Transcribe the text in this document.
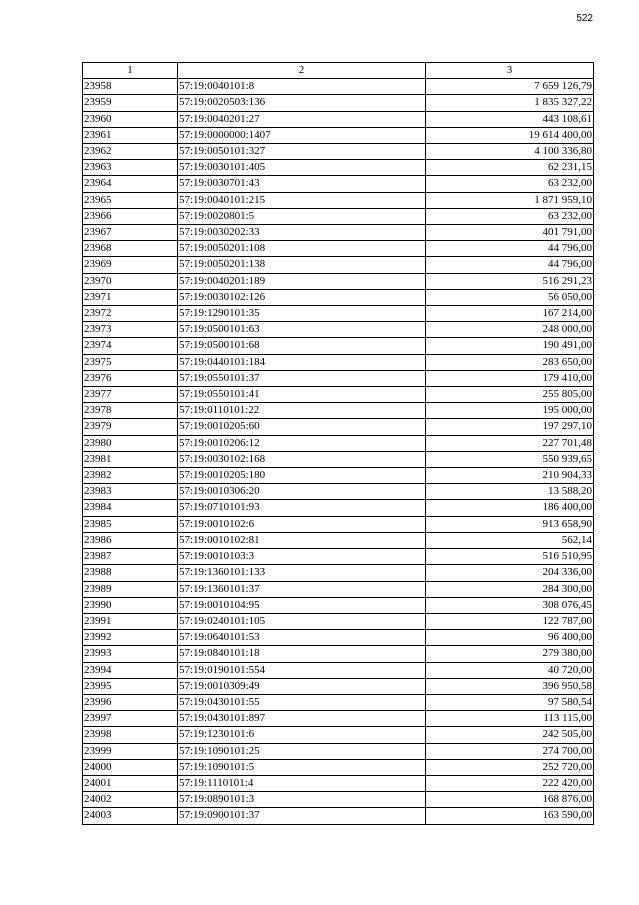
522
1	2	3
23958	57:19:0040101:8	7 659 126,79
23959	57:19:0020503:136	1 835 327,22
23960	57:19:0040201:27	443 108,61
23961	57:19:0000000:1407	19 614 400,00
23962	57:19:0050101:327	4 100 336,80
23963	57:19:0030101:405	62 231,15
23964	57:19:0030701:43	63 232,00
23965	57:19:0040101:215	1 871 959,10
23966	57:19:0020801:5	63 232,00
23967	57:19:0030202:33	401 791,00
23968	57:19:0050201:108	44 796,00
23969	57:19:0050201:138	44 796,00
23970	57:19:0040201:189	516 291,23
23971	57:19:0030102:126	56 050,00
23972	57:19:1290101:35	167 214,00
23973	57:19:0500101:63	248 000,00
23974	57:19:0500101:68	190 491,00
23975	57:19:0440101:184	283 650,00
23976	57:19:0550101:37	179 410,00
23977	57:19:0550101:41	255 805,00
23978	57:19:0110101:22	195 000,00
23979	57:19:0010205:60	197 297,10
23980	57:19:0010206:12	227 701,48
23981	57:19:0030102:168	550 939,65
23982	57:19:0010205:180	210 904,33
23983	57:19:0010306:20	13 588,20
23984	57:19:0710101:93	186 400,00
23985	57:19:0010102:6	913 658,90
23986	57:19:0010102:81	562,14
23987	57:19:0010103:3	516 510,95
23988	57:19:1360101:133	204 336,00
23989	57:19:1360101:37	284 300,00
23990	57:19:0010104:95	308 076,45
23991	57:19:0240101:105	122 787,00
23992	57:19:0640101:53	96 400,00
23993	57:19:0840101:18	279 380,00
23994	57:19:0190101:554	40 720,00
23995	57:19:0010309:49	396 950,58
23996	57:19:0430101:55	97 580,54
23997	57:19:0430101:897	113 115,00
23998	57:19:1230101:6	242 505,00
23999	57:19:1090101:25	274 700,00
24000	57:19:1090101:5	252 720,00
24001	57:19:1110101:4	222 420,00
24002	57:19:0890101:3	168 876,00
24003	57:19:0900101:37	163 590,00
